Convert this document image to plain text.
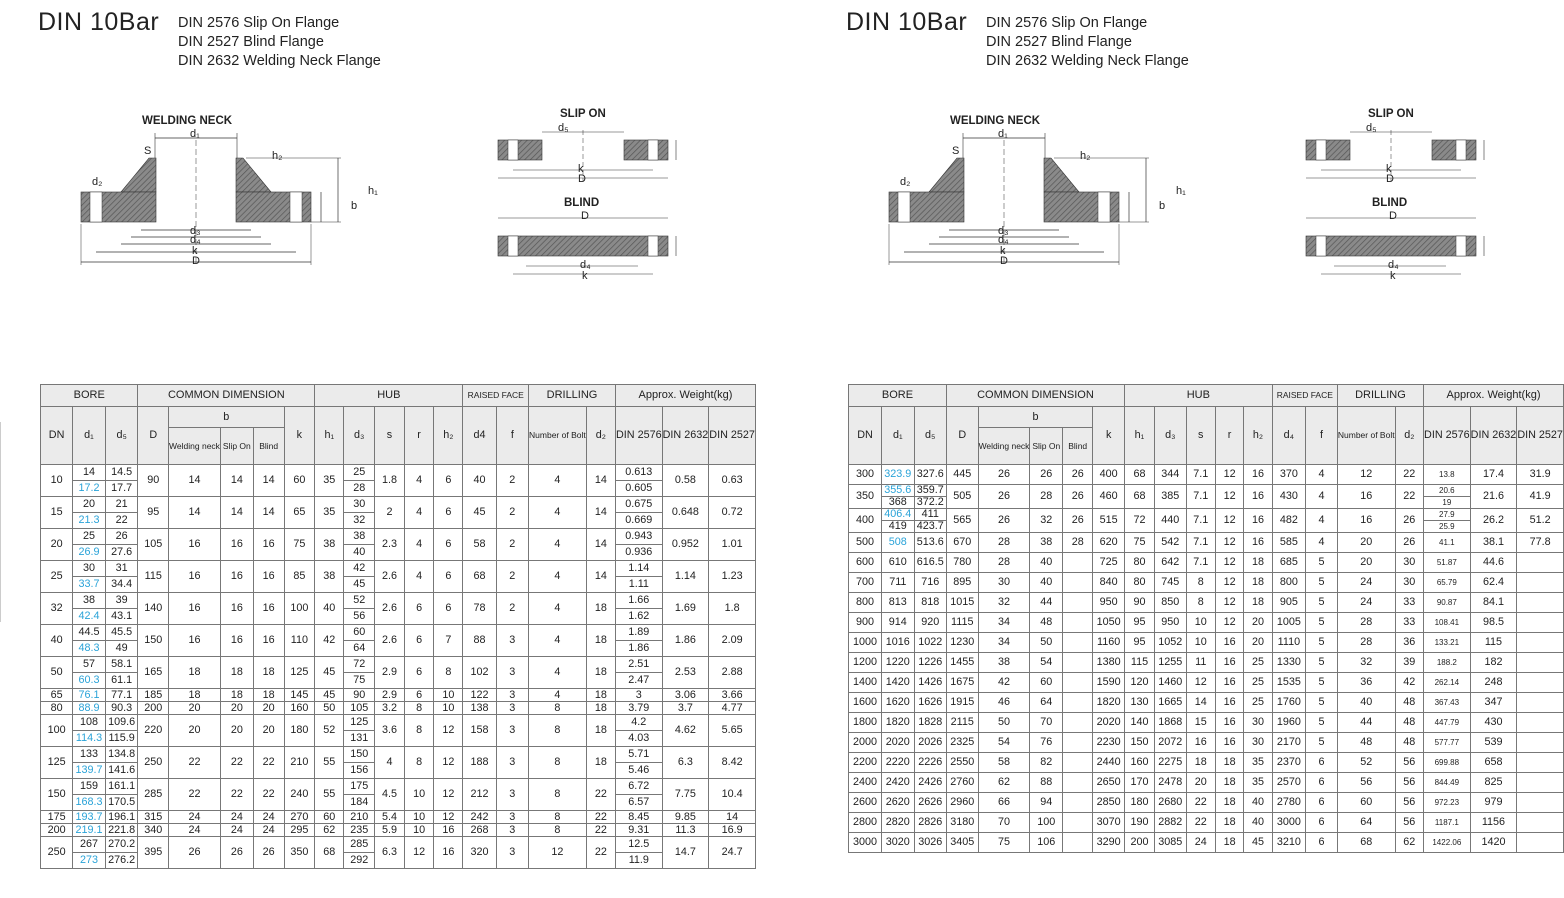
DIN 10Bar DIN 2576 Slip On Flange
DIN 2527 Blind Flange
DIN 2632 Welding Neck Flange
WELDING NECK
d₁
S	h₂
h₁
b
d₂
d₃
d₄
k
D
SLIP ON
d₅
k
D
BLIND
D
d₄
k
BORE			COMMON DIMENSION					HUB					RAISED FACE		DRILLING		Approx. Weight(kg)		
DN	d₁	d₅	D	b			k	h₁	d₃	s	r	h₂	d4	f	Number of Bolt	d₂	DIN 2576	DIN 2632	DIN 2527
				Welding neck	Slip On	Blind													
10	14	14.5	90	14	14	14	60	35	25	1.8	4	6	40	2	4	14	0.613	0.58	0.63
	17.2	17.7							28								0.605		
15	20	21	95	14	14	14	65	35	30	2	4	6	45	2	4	14	0.675	0.648	0.72
	21.3	22							32								0.669		
20	25	26	105	16	16	16	75	38	38	2.3	4	6	58	2	4	14	0.943	0.952	1.01
	26.9	27.6							40								0.936		
25	30	31	115	16	16	16	85	38	42	2.6	4	6	68	2	4	14	1.14	1.14	1.23
	33.7	34.4							45								1.11		
32	38	39	140	16	16	16	100	40	52	2.6	6	6	78	2	4	18	1.66	1.69	1.8
	42.4	43.1							56								1.62		
40	44.5	45.5	150	16	16	16	110	42	60	2.6	6	7	88	3	4	18	1.89	1.86	2.09
	48.3	49							64								1.86		
50	57	58.1	165	18	18	18	125	45	72	2.9	6	8	102	3	4	18	2.51	2.53	2.88
	60.3	61.1							75								2.47		
65	76.1	77.1	185	18	18	18	145	45	90	2.9	6	10	122	3	4	18	3	3.06	3.66
80	88.9	90.3	200	20	20	20	160	50	105	3.2	8	10	138	3	8	18	3.79	3.7	4.77
100	108	109.6	220	20	20	20	180	52	125	3.6	8	12	158	3	8	18	4.2	4.62	5.65
	114.3	115.9							131								4.03		
125	133	134.8	250	22	22	22	210	55	150	4	8	12	188	3	8	18	5.71	6.3	8.42
	139.7	141.6							156								5.46		
150	159	161.1	285	22	22	22	240	55	175	4.5	10	12	212	3	8	22	6.72	7.75	10.4
	168.3	170.5							184								6.57		
175	193.7	196.1	315	24	24	24	270	60	210	5.4	10	12	242	3	8	22	8.45	9.85	14
200	219.1	221.8	340	24	24	24	295	62	235	5.9	10	16	268	3	8	22	9.31	11.3	16.9
250	267	270.2	395	26	26	26	350	68	285	6.3	12	16	320	3	12	22	12.5	14.7	24.7
	273	276.2							292								11.9		
DIN 10Bar DIN 2576 Slip On Flange
DIN 2527 Blind Flange
DIN 2632 Welding Neck Flange
WELDING NECK
d₁
S	h₂
h₁
b
d₂
d₃
d₄
k
D
SLIP ON
d₅
k
D
BLIND
D
d₄
k
BORE			COMMON DIMENSION					HUB					RAISED FACE		DRILLING		Approx. Weight(kg)		
DN	d₁	d₅	D	b			k	h₁	d₃	s	r	h₂	d₄	f	Number of Bolt	d₂	DIN 2576	DIN 2632	DIN 2527
				Welding neck	Slip On	Blind													
300	323.9	327.6	445	26	26	26	400	68	344	7.1	12	16	370	4	12	22	13.8	17.4	31.9
350	355.6	359.7	505	26	28	26	460	68	385	7.1	12	16	430	4	16	22	20.6	21.6	41.9
	368	372.2															19		
400	406.4	411	565	26	32	26	515	72	440	7.1	12	16	482	4	16	26	27.9	26.2	51.2
	419	423.7															25.9		
500	508	513.6	670	28	38	28	620	75	542	7.1	12	16	585	4	20	26	41.1	38.1	77.8
600	610	616.5	780	28	40		725	80	642	7.1	12	18	685	5	20	30	51.87	44.6	
700	711	716	895	30	40		840	80	745	8	12	18	800	5	24	30	65.79	62.4	
800	813	818	1015	32	44		950	90	850	8	12	18	905	5	24	33	90.87	84.1	
900	914	920	1115	34	48		1050	95	950	10	12	20	1005	5	28	33	108.41	98.5	
1000	1016	1022	1230	34	50		1160	95	1052	10	16	20	1110	5	28	36	133.21	115	
1200	1220	1226	1455	38	54		1380	115	1255	11	16	25	1330	5	32	39	188.2	182	
1400	1420	1426	1675	42	60		1590	120	1460	12	16	25	1535	5	36	42	262.14	248	
1600	1620	1626	1915	46	64		1820	130	1665	14	16	25	1760	5	40	48	367.43	347	
1800	1820	1828	2115	50	70		2020	140	1868	15	16	30	1960	5	44	48	447.79	430	
2000	2020	2026	2325	54	76		2230	150	2072	16	16	30	2170	5	48	48	577.77	539	
2200	2220	2226	2550	58	82		2440	160	2275	18	18	35	2370	6	52	56	699.88	658	
2400	2420	2426	2760	62	88		2650	170	2478	20	18	35	2570	6	56	56	844.49	825	
2600	2620	2626	2960	66	94		2850	180	2680	22	18	40	2780	6	60	56	972.23	979	
2800	2820	2826	3180	70	100		3070	190	2882	22	18	40	3000	6	64	56	1187.1	1156	
3000	3020	3026	3405	75	106		3290	200	3085	24	18	45	3210	6	68	62	1422.06	1420	
